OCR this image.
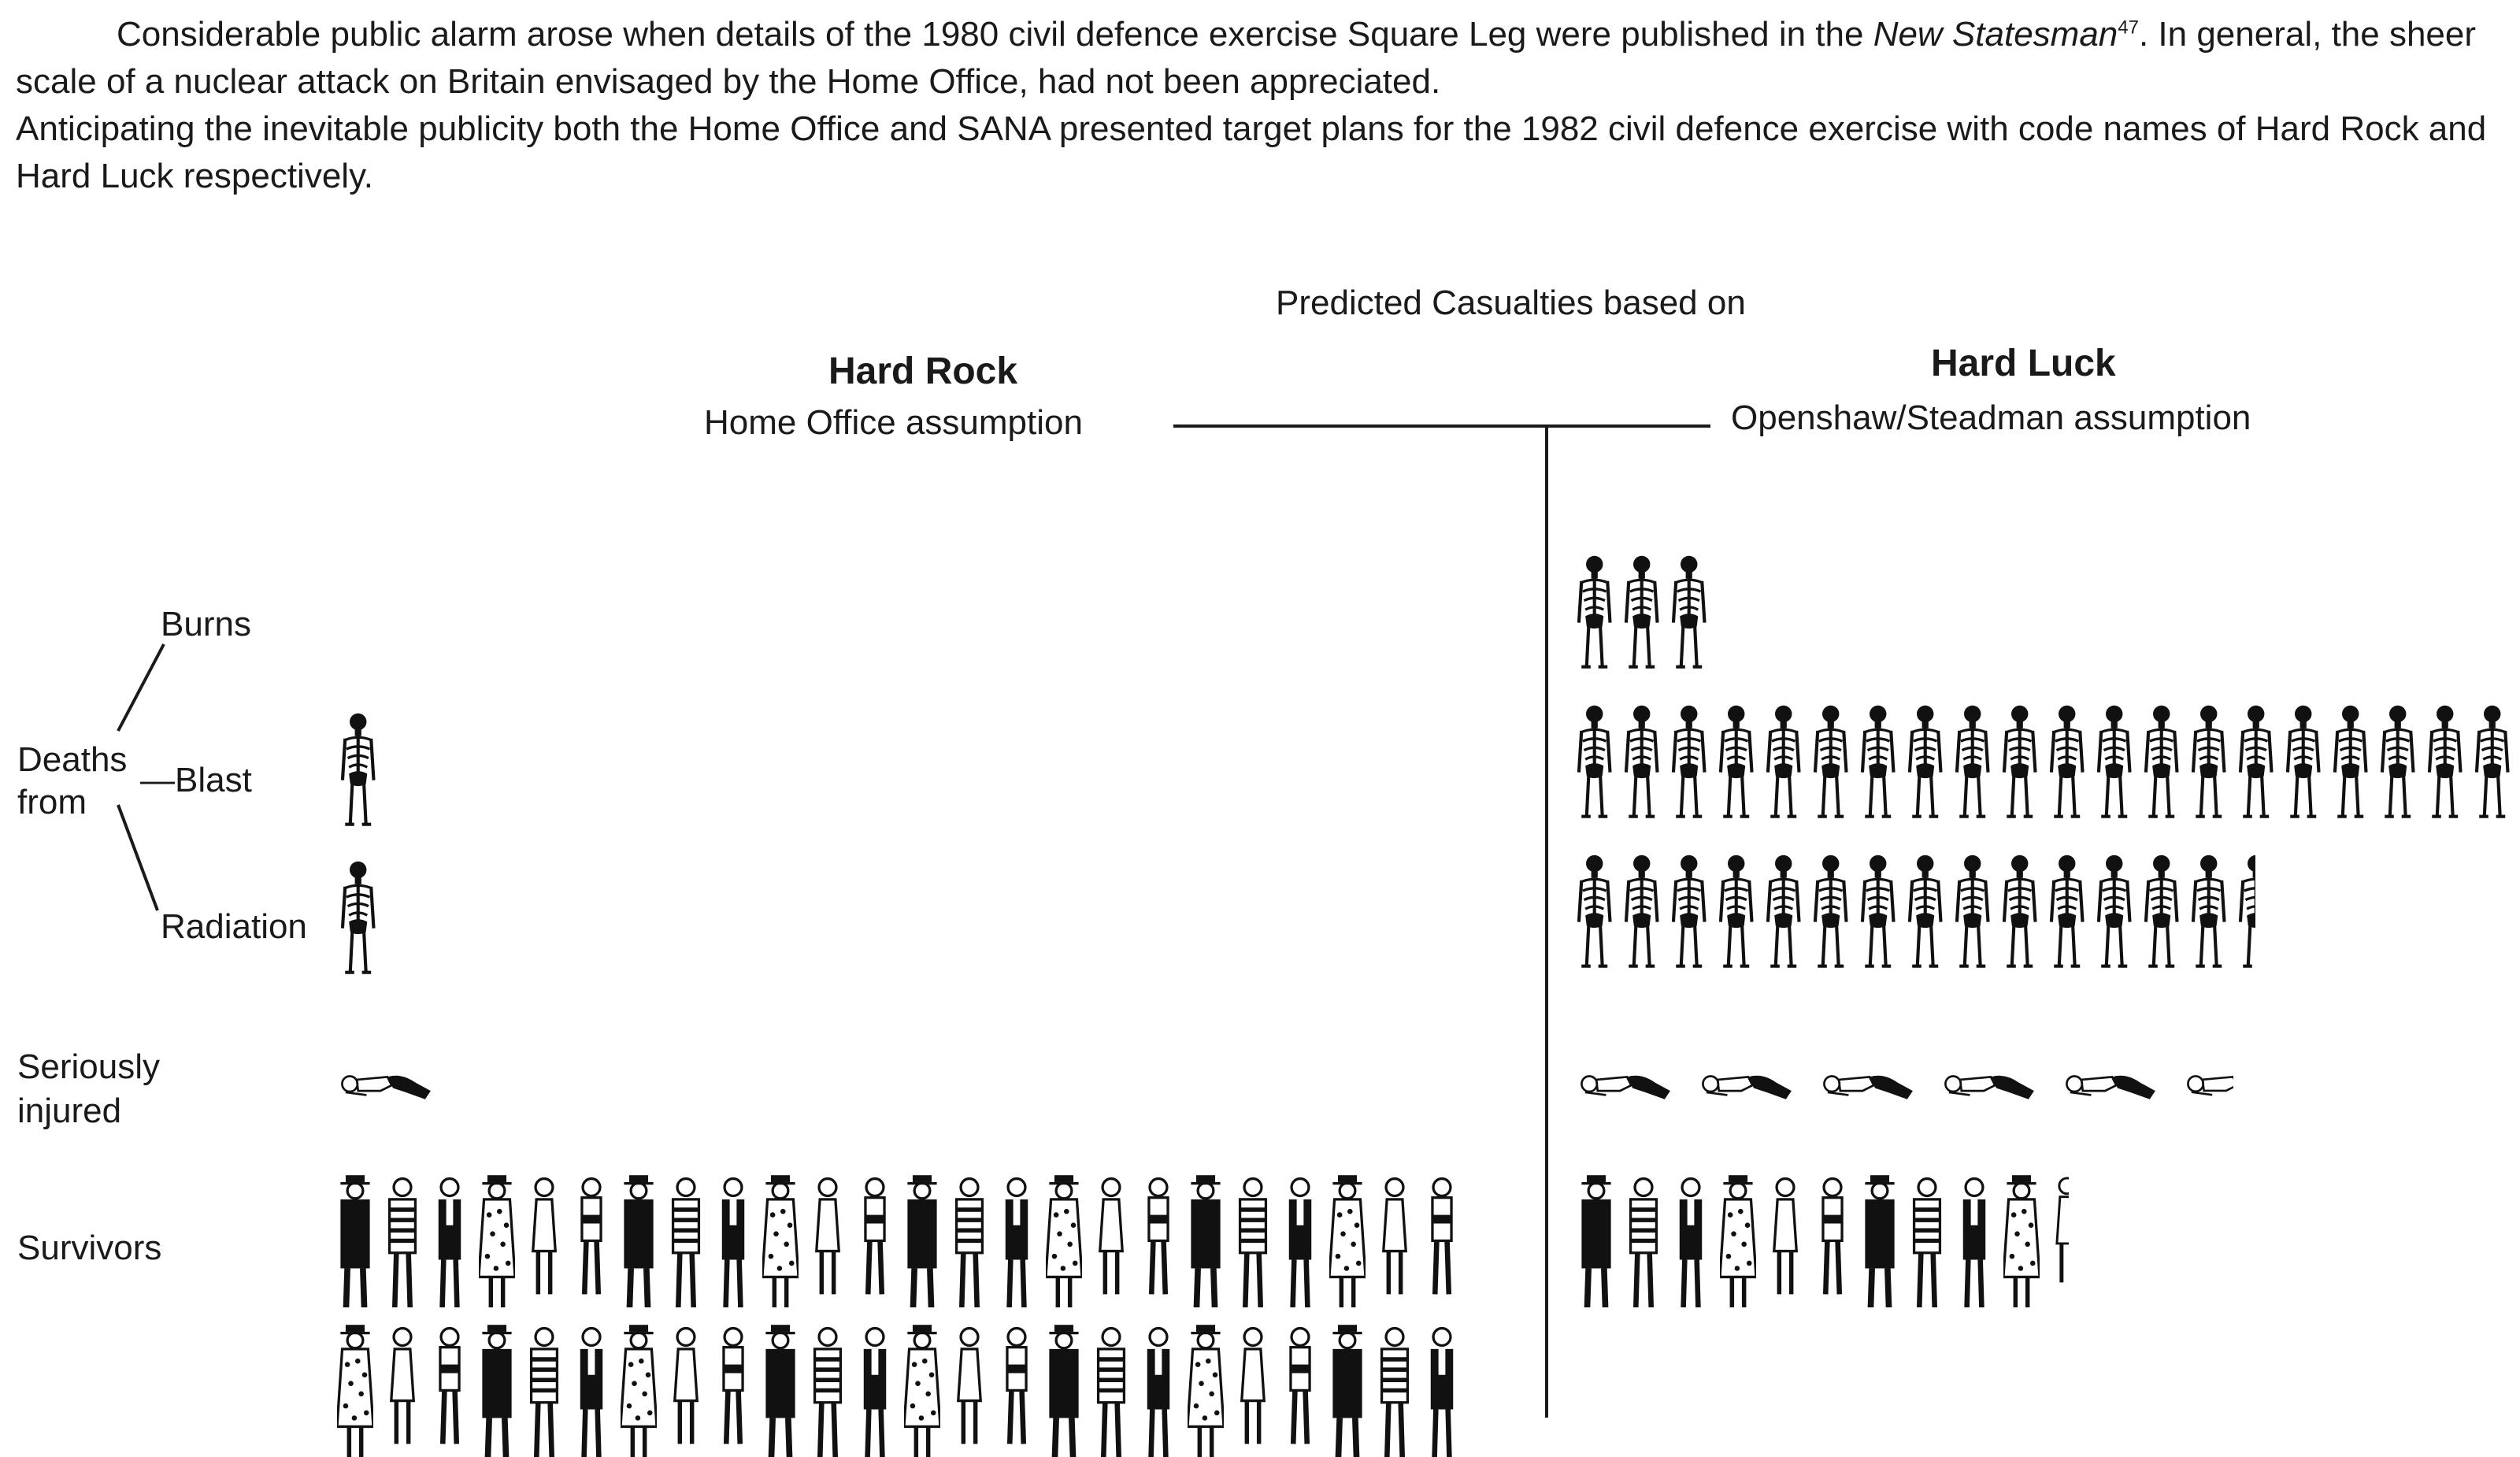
Considerable public alarm arose when details of the 1980 civil defence exercise Square Leg were published in the New Statesman$^{47}$. In general, the sheer scale of a nuclear attack on Britain envisaged by the Home Office, had not been appreciated.

Anticipating the inevitable publicity both the Home Office and SANA presented target plans for the 1982 civil defence exercise with code names of Hard Rock and Hard Luck respectively.

Predicted Casualties based on
Hard Rock
Home Office assumption
Hard Luck
Openshaw/Steadman assumption
Burns
Deaths
from
—Blast
Radiation
Seriously
injured
Survivors
